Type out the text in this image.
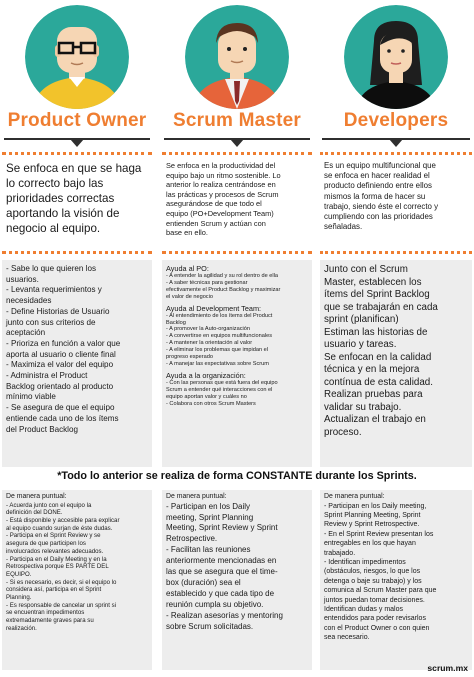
Product Owner
Se enfoca en que se haga
lo correcto bajo las
prioridades correctas
aportando la visión de
negocio al equipo.
- Sabe lo que quieren los
usuarios.
- Levanta requerimientos y
necesidades
- Define Historias de Usuario
junto con sus criterios de
aceptación
- Prioriza en función a valor que
aporta al usuario o cliente final
- Maximiza el valor del equipo
- Administra el Product
Backlog orientado al producto
mínimo viable
- Se asegura de que el equipo
entiende cada uno de los ítems
del Product Backlog
De manera puntual:
- Acuerda junto con el equipo la
definición del DONE.
- Está disponible y accesible para explicar
al equipo cuando surjan de éste dudas.
- Participa en el Sprint Review y se
asegura de que participen los
involucrados relevantes adecuados.
- Participa en el Daily Meeting y en la
Retrospectiva porque ES PARTE DEL
EQUIPO.
- Si es necesario, es decir, si el equipo lo
considera así, participa en el Sprint
Planning.
- Es responsable de cancelar un sprint si
se encuentran impedimentos
extremadamente graves para su
realización.
Scrum Master
Se enfoca en la productividad del
equipo bajo un ritmo sostenible. Lo
anterior lo realiza centrándose en
las prácticas y procesos de Scrum
asegurándose de que todo el
equipo (PO+Development Team)
entienden Scrum y actúan con
base en ello.
Ayuda al PO:
- A entender la agilidad y su rol dentro de ella
- A saber técnicas para gestionar
efectivamente el Product Backlog y maximizar
el valor de negocio
Ayuda al Development Team:
- Al entendimiento de los ítems del Product
Backlog
- A promover la Auto-organización
- A convertirse en equipos multifuncionales
- A mantener la orientación al valor
- A eliminar los problemas que impidan el
progreso esperado
- A manejar las expectativas sobre Scrum
Ayuda a la organización:
- Con las personas que está fuera del equipo
Scrum a entender qué interacciones con el
equipo aportan valor y cuáles no
- Colabora con otros Scrum Masters
De manera puntual:
- Participan en los Daily
meeting, Sprint Planning
Meeting, Sprint Review y Sprint
Retrospective.
- Facilitan las reuniones
anteriormente mencionadas en
las que se asegura que el time-
box (duración) sea el
establecido y que cada tipo de
reunión cumpla su objetivo.
- Realizan asesorías y mentoring
sobre Scrum solicitadas.
Developers
Es un equipo multifuncional que
se enfoca en hacer realidad el
producto definiendo entre ellos
mismos la forma de hacer su
trabajo, siendo éste el correcto y
cumpliendo con las prioridades
señaladas.
Junto con el Scrum
Master, establecen los
ítems del Sprint Backlog
que se trabajarán en cada
sprint (planifican)
Estiman las historias de
usuario y tareas.
Se enfocan en la calidad
técnica y en la mejora
contínua de esta calidad.
Realizan pruebas para
validar su trabajo.
Actualizan el trabajo en
proceso.
De manera puntual:
- Participan en los Daily meeting,
Sprint Planning Meeting, Sprint
Review y Sprint Retrospective.
- En el Sprint Review presentan los
entregables en los que hayan
trabajado.
- Identifican impedimentos
(obstáculos, riesgos, lo que los
detenga o baje su trabajo) y los
comunica al Scrum Master para que
juntos puedan tomar decisiones.
Identifican dudas y malos
entendidos para poder revisarlos
con el Product Owner o con quien
sea necesario.
*Todo lo anterior se realiza de forma CONSTANTE durante los Sprints.
scrum.mx
